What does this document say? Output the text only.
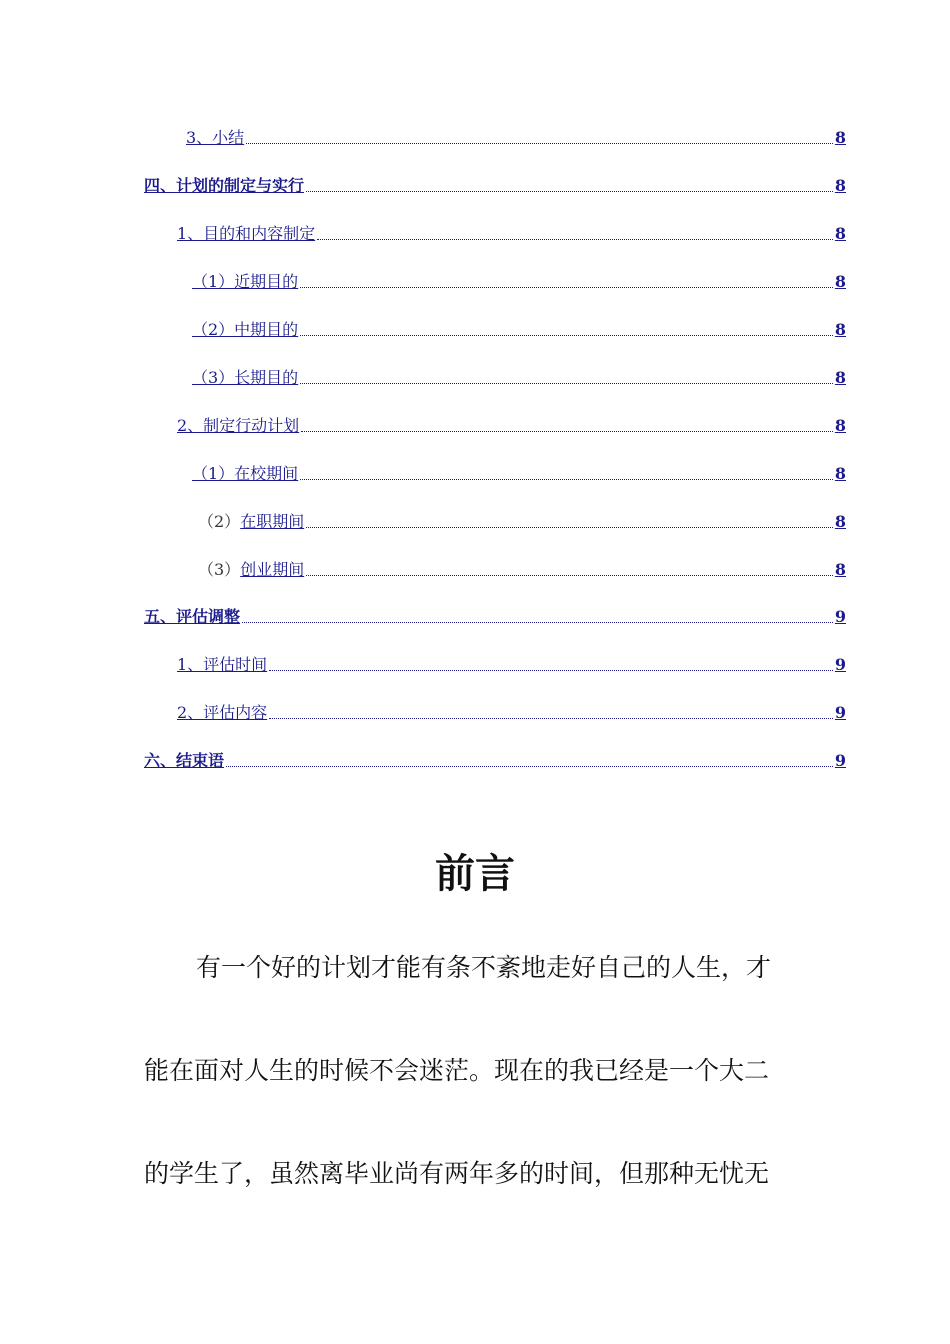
3、小结	8
四、计划的制定与实行	8
1、目的和内容制定	8
（1）近期目的	8
（2）中期目的	8
（3）长期目的	8
2、制定行动计划	8
（1）在校期间	8
（2） 在职期间	8
（3） 创业期间	8
五、评估调整	9
1、评估时间	9
2、评估内容	9
六、结束语	9
前言
有一个好的计划才能有条不紊地走好自己的人生，才
能在面对人生的时候不会迷茫。现在的我已经是一个大二
的学生了，虽然离毕业尚有两年多的时间，但那种无忧无
